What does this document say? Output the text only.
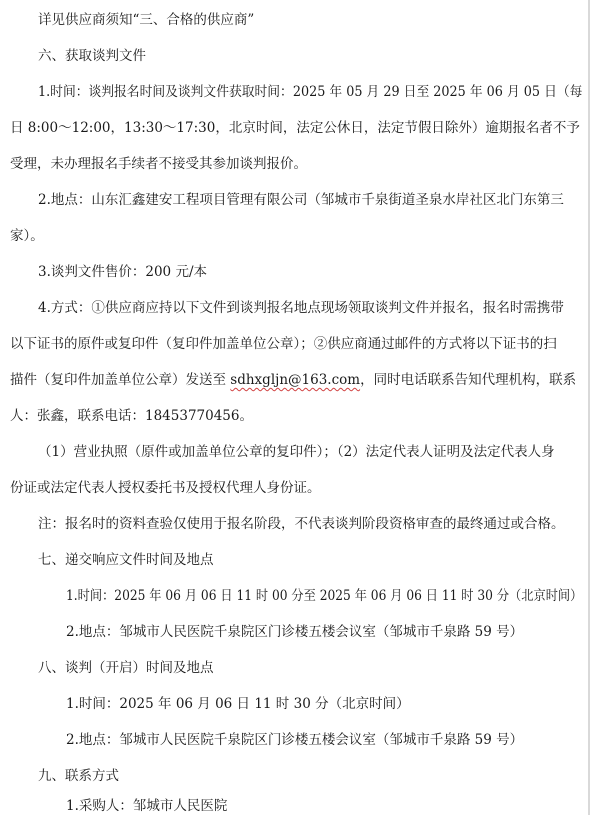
详见供应商须知“三、合格的供应商”
六、获取谈判文件
1.时间：谈判报名时间及谈判文件获取时间：2025 年 05 月 29 日至 2025 年 06 月 05 日（每
日 8:00～12:00，13:30～17:30，北京时间，法定公休日，法定节假日除外）逾期报名者不予
受理，未办理报名手续者不接受其参加谈判报价。
2.地点：山东汇鑫建安工程项目管理有限公司（邹城市千泉街道圣泉水岸社区北门东第三
家）。
3.谈判文件售价：200 元/本
4.方式：①供应商应持以下文件到谈判报名地点现场领取谈判文件并报名，报名时需携带
以下证书的原件或复印件（复印件加盖单位公章）；②供应商通过邮件的方式将以下证书的扫
描件（复印件加盖单位公章）发送至 sdhxglj​n@163.com，同时电话联系告知代理机构，联系
人：张鑫，联系电话：18453770456。
（1）营业执照（原件或加盖单位公章的复印件）；（2）法定代表人证明及法定代表人身
份证或法定代表人授权委托书及授权代理人身份证。
注：报名时的资料查验仅使用于报名阶段，不代表谈判阶段资格审查的最终通过或合格。
七、递交响应文件时间及地点
1.时间：2025 年 06 月 06 日 11 时 00 分至 2025 年 06 月 06 日 11 时 30 分（北京时间）
2.地点：邹城市人民医院千泉院区门诊楼五楼会议室（邹城市千泉路 59 号）
八、谈判（开启）时间及地点
1.时间：2025 年 06 月 06 日 11 时 30 分（北京时间）
2.地点：邹城市人民医院千泉院区门诊楼五楼会议室（邹城市千泉路 59 号）
九、联系方式
1.采购人：邹城市人民医院
